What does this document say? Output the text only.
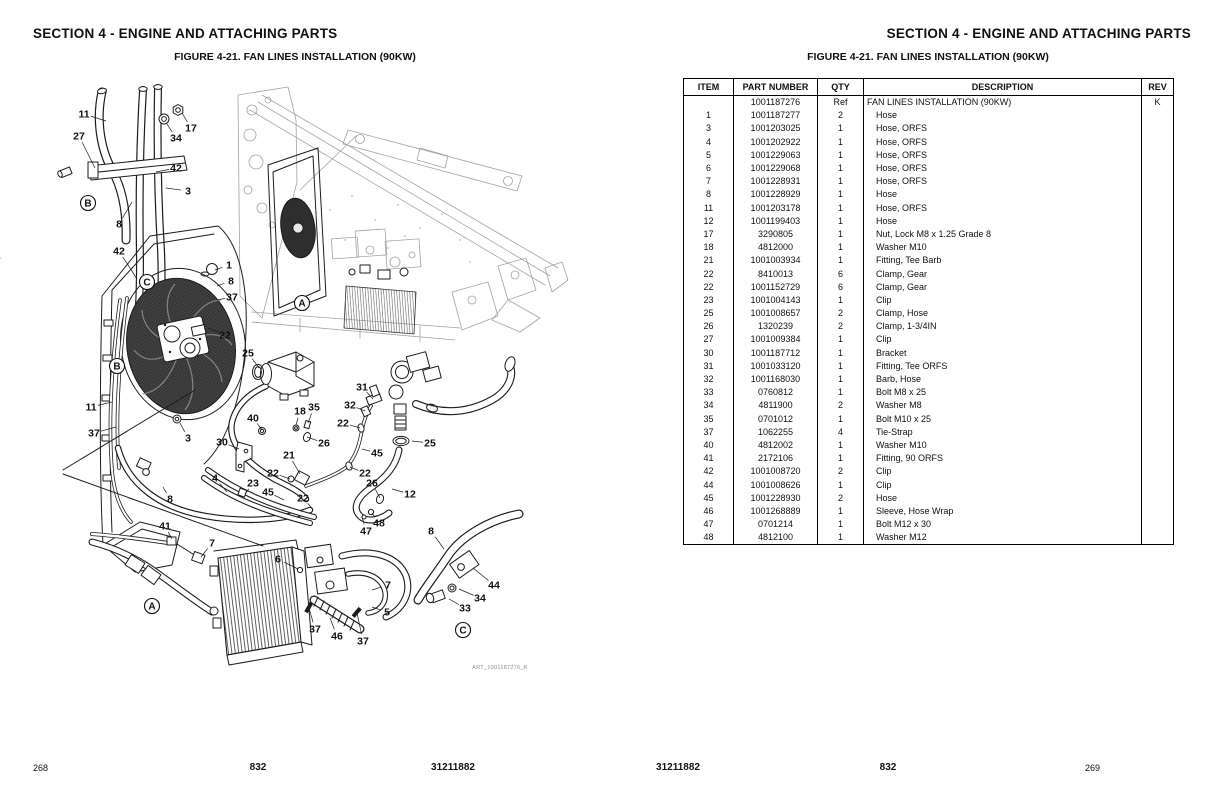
SECTION 4 - ENGINE AND ATTACHING PARTS
FIGURE 4-21. FAN LINES INSTALLATION (90KW)
ART_1001187276_K
11
27	34
17
42
3
B
8
42
C
1
8
37
22
B
11
37	3
A
25
31
32
22
45
22
18 35
40
30	26	25
12
26
48
47
21
22
22
45
4	23
8
41
7
A
6
37
46 37
7
5
8
44
34
33
C
268	832	31211882
SECTION 4 - ENGINE AND ATTACHING PARTS
FIGURE 4-21. FAN LINES INSTALLATION (90KW)
ITEM	PART NUMBER	QTY	DESCRIPTION	REV
	1001187276	Ref	FAN LINES INSTALLATION (90KW)	K
1	1001187277	2	Hose	
3	1001203025	1	Hose, ORFS	
4	1001202922	1	Hose, ORFS	
5	1001229063	1	Hose, ORFS	
6	1001229068	1	Hose, ORFS	
7	1001228931	1	Hose, ORFS	
8	1001228929	1	Hose	
11	1001203178	1	Hose, ORFS	
12	1001199403	1	Hose	
17	3290805	1	Nut, Lock M8 x 1.25 Grade 8	
18	4812000	1	Washer M10	
21	1001003934	1	Fitting, Tee Barb	
22	8410013	6	Clamp, Gear	
22	1001152729	6	Clamp, Gear	
23	1001004143	1	Clip	
25	1001008657	2	Clamp, Hose	
26	1320239	2	Clamp, 1-3/4IN	
27	1001009384	1	Clip	
30	1001187712	1	Bracket	
31	1001033120	1	Fitting, Tee ORFS	
32	1001168030	1	Barb, Hose	
33	0760812	1	Bolt M8 x 25	
34	4811900	2	Washer M8	
35	0701012	1	Bolt M10 x 25	
37	1062255	4	Tie-Strap	
40	4812002	1	Washer M10	
41	2172106	1	Fitting, 90 ORFS	
42	1001008720	2	Clip	
44	1001008626	1	Clip	
45	1001228930	2	Hose	
46	1001268889	1	Sleeve, Hose Wrap	
47	0701214	1	Bolt M12 x 30	
48	4812100	1	Washer M12	
31211882	832	269
